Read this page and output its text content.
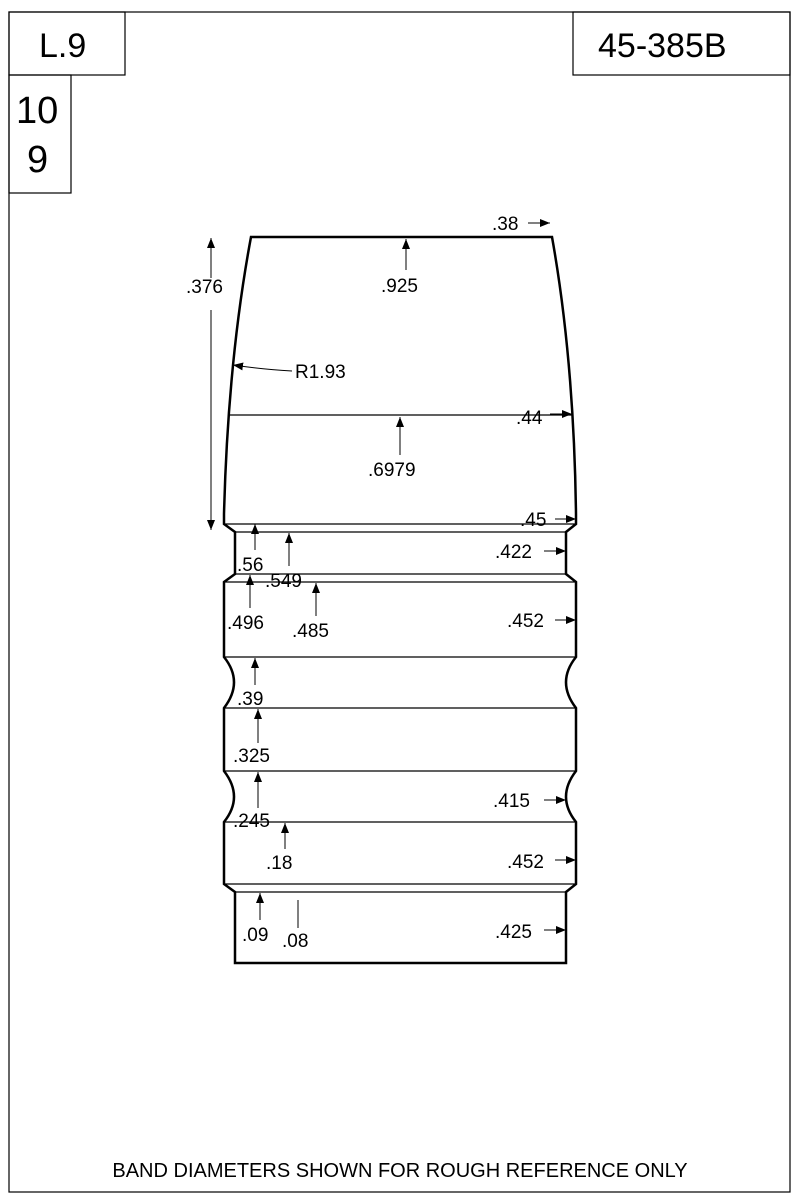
L.9	45-385B
10
9
.38
.376	.925
R1.93
.44
.6979
.45
.56
.549
.422
.496 .485	.452
.39
.325
.415
.245
.18	.452
.09 .08	.425
BAND DIAMETERS SHOWN FOR ROUGH REFERENCE ONLY
